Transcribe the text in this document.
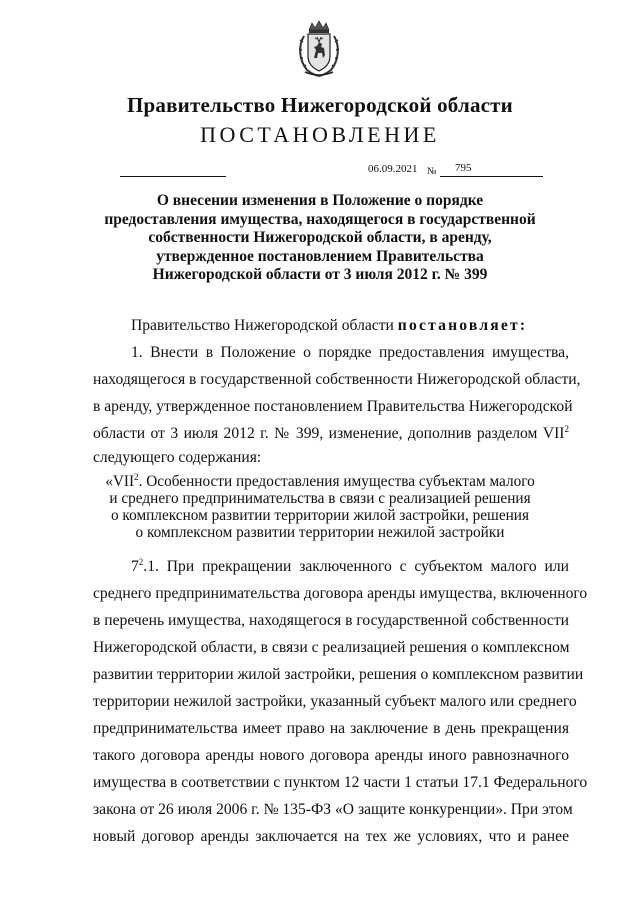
Правительство Нижегородской области
ПОСТАНОВЛЕНИЕ
06.09.2021 № 795
О внесении изменения в Положение о порядке
предоставления имущества, находящегося в государственной
собственности Нижегородской области, в аренду,
утвержденное постановлением Правительства
Нижегородской области от 3 июля 2012 г. № 399
Правительство Нижегородской области постановляет:
1. Внести в Положение о порядке предоставления имущества,
находящегося в государственной собственности Нижегородской области,
в аренду, утвержденное постановлением Правительства Нижегородской
области от 3 июля 2012 г. № 399, изменение, дополнив разделом VII$^2$
следующего содержания:
«VII$^2$. Особенности предоставления имущества субъектам малого
и среднего предпринимательства в связи с реализацией решения
о комплексном развитии территории жилой застройки, решения
о комплексном развитии территории нежилой застройки
$7^2.1$. При прекращении заключенного с субъектом малого или
среднего предпринимательства договора аренды имущества, включенного
в перечень имущества, находящегося в государственной собственности
Нижегородской области, в связи с реализацией решения о комплексном
развитии территории жилой застройки, решения о комплексном развитии
территории нежилой застройки, указанный субъект малого или среднего
предпринимательства имеет право на заключение в день прекращения
такого договора аренды нового договора аренды иного равнозначного
имущества в соответствии с пунктом 12 части 1 статьи 17.1 Федерального
закона от 26 июля 2006 г. № 135-ФЗ «О защите конкуренции». При этом
новый договор аренды заключается на тех же условиях, что и ранее
